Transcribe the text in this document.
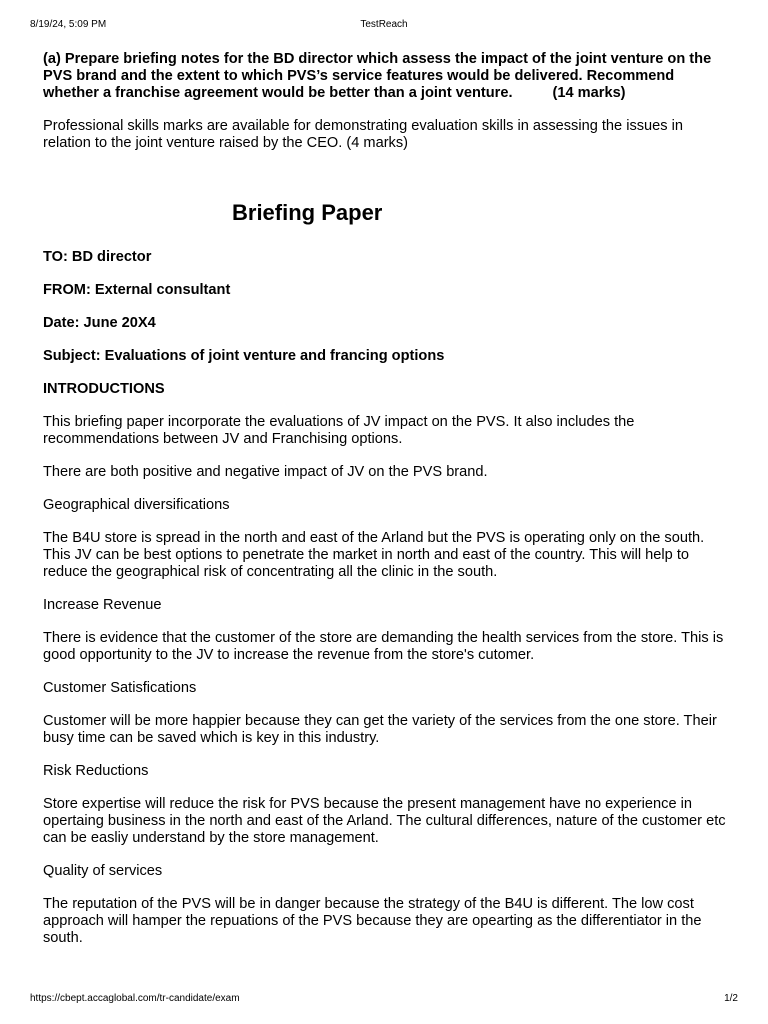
8/19/24, 5:09 PM	TestReach

(a) Prepare briefing notes for the BD director which assess the impact of the joint venture on the PVS brand and the extent to which PVS’s service features would be delivered. Recommend whether a franchise agreement would be better than a joint venture.	(14 marks)

Professional skills marks are available for demonstrating evaluation skills in assessing the issues in relation to the joint venture raised by the CEO. (4 marks)

Briefing Paper

TO: BD director

FROM: External consultant

Date: June 20X4

Subject: Evaluations of joint venture and francing options

INTRODUCTIONS

This briefing paper incorporate the evaluations of JV impact on the PVS. It also includes the recommendations between JV and Franchising options.

There are both positive and negative impact of JV on the PVS brand.

Geographical diversifications

The B4U store is spread in the north and east of the Arland but the PVS is operating only on the south. This JV can be best options to penetrate the market in north and east of the country. This will help to reduce the geographical risk of concentrating all the clinic in the south.

Increase Revenue

There is evidence that the customer of the store are demanding the health services from the store. This is good opportunity to the JV to increase the revenue from the store's cutomer.

Customer Satisfications

Customer will be more happier because they can get the variety of the services from the one store. Their busy time can be saved which is key in this industry.

Risk Reductions

Store expertise will reduce the risk for PVS because the present management have no experience in opertaing business in the north and east of the Arland. The cultural differences, nature of the customer etc can be easliy understand by the store management.

Quality of services

The reputation of the PVS will be in danger because the strategy of the B4U is different. The low cost approach will hamper the repuations of the PVS because they are opearting as the differentiator in the south.

https://cbept.accaglobal.com/tr-candidate/exam	1/2
